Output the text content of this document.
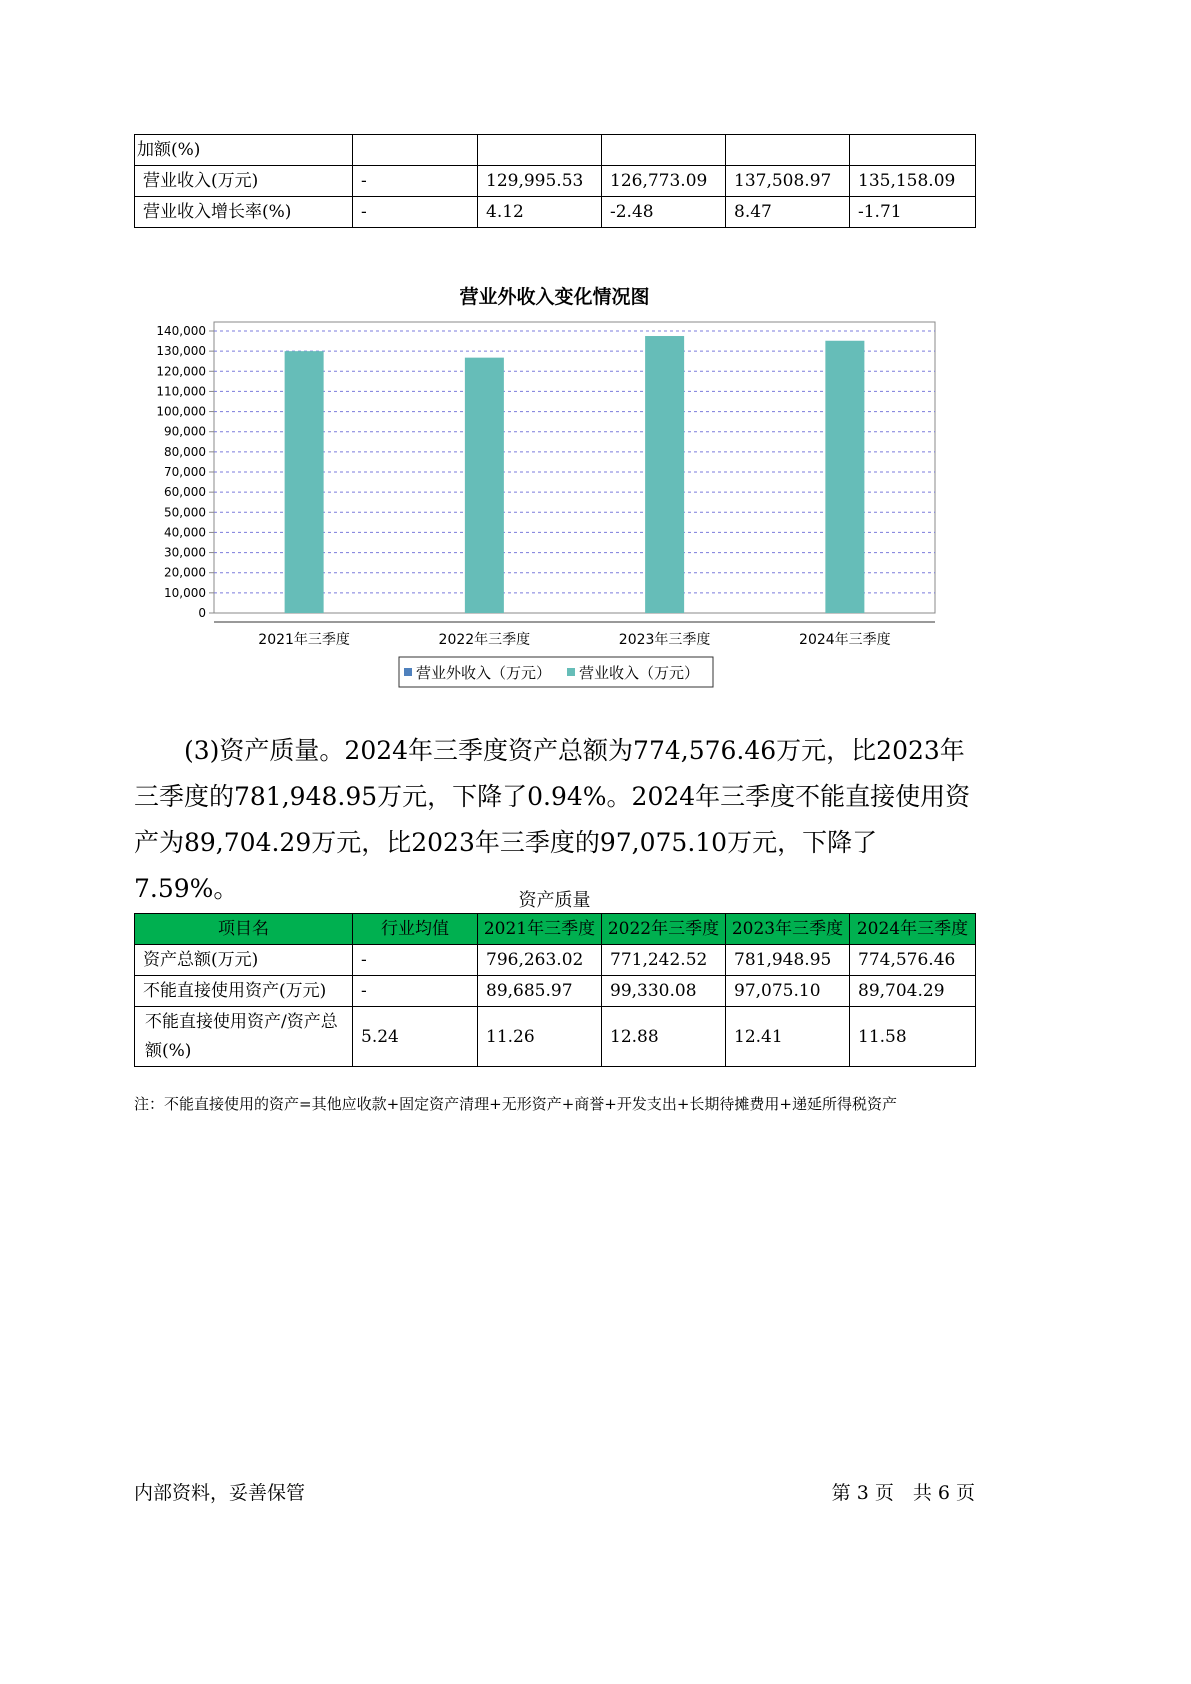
加额(%)					
营业收入(万元)	-	129,995.53	126,773.09	137,508.97	135,158.09
营业收入增长率(%)	-	4.12	-2.48	8.47	-1.71
营业外收入变化情况图
0
10,000
20,000
30,000
40,000
50,000
60,000
70,000
80,000
90,000
100,000
110,000
120,000
130,000
140,000
2021年三季度	2022年三季度	2023年三季度	2024年三季度
营业外收入（万元） 营业收入（万元）
(3)资产质量。2024年三季度资产总额为774,576.46万元，比2023年三季度的781,948.95万元，下降了0.94%。2024年三季度不能直接使用资产为89,704.29万元，比2023年三季度的97,075.10万元，下降了7.59%。	资产质量
项目名	行业均值	2021年三季度	2022年三季度	2023年三季度	2024年三季度
资产总额(万元)	-	796,263.02	771,242.52	781,948.95	774,576.46
不能直接使用资产(万元)	-	89,685.97	99,330.08	97,075.10	89,704.29
不能直接使用资产/资产总额(%)	5.24	11.26	12.88	12.41	11.58
注：不能直接使用的资产=其他应收款+固定资产清理+无形资产+商誉+开发支出+长期待摊费用+递延所得税资产
内部资料，妥善保管	第 3 页　共 6 页
